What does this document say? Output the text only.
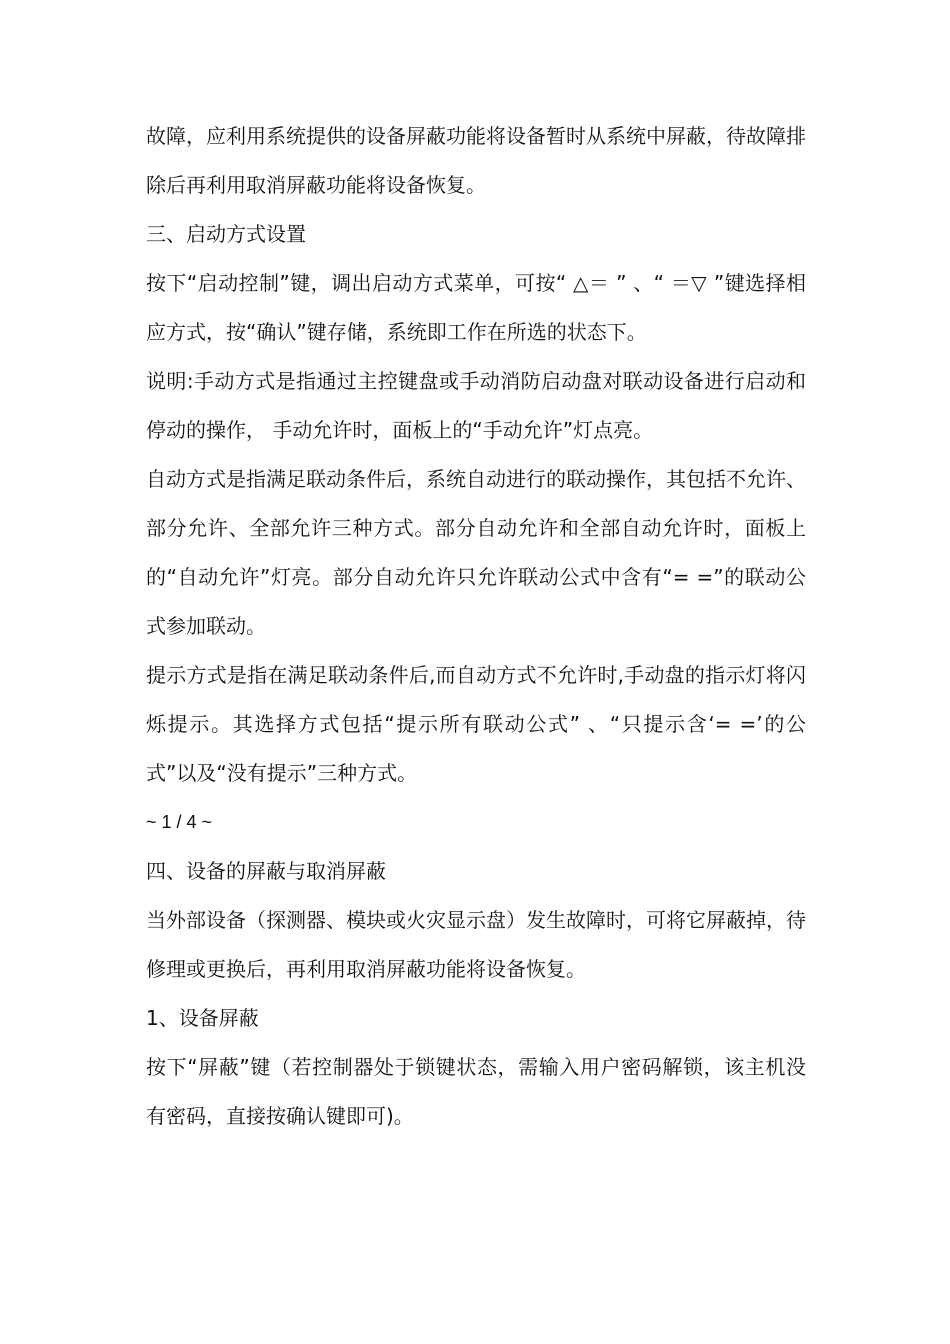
故障，应利用系统提供的设备屏蔽功能将设备暂时从系统中屏蔽，待故障排除后再利用取消屏蔽功能将设备恢复。

三、启动方式设置

按下“启动控制”键，调出启动方式菜单，可按“ △＝ ” 、“ ＝▽ ”键选择相应方式，按“确认”键存储，系统即工作在所选的状态下。

说明:手动方式是指通过主控键盘或手动消防启动盘对联动设备进行启动和停动的操作， 手动允许时，面板上的“手动允许”灯点亮。

自动方式是指满足联动条件后，系统自动进行的联动操作，其包括不允许、部分允许、全部允许三种方式。部分自动允许和全部自动允许时，面板上的“自动允许”灯亮。部分自动允许只允许联动公式中含有“= =”的联动公式参加联动。

提示方式是指在满足联动条件后,而自动方式不允许时,手动盘的指示灯将闪烁提示。其选择方式包括“提示所有联动公式” 、“只提示含‘= =’的公式”以及“没有提示”三种方式。

~ 1 / 4 ~

四、设备的屏蔽与取消屏蔽

当外部设备（探测器、模块或火灾显示盘）发生故障时，可将它屏蔽掉，待修理或更换后，再利用取消屏蔽功能将设备恢复。

1、设备屏蔽

按下“屏蔽”键（若控制器处于锁键状态，需输入用户密码解锁，该主机没有密码，直接按确认键即可)。
